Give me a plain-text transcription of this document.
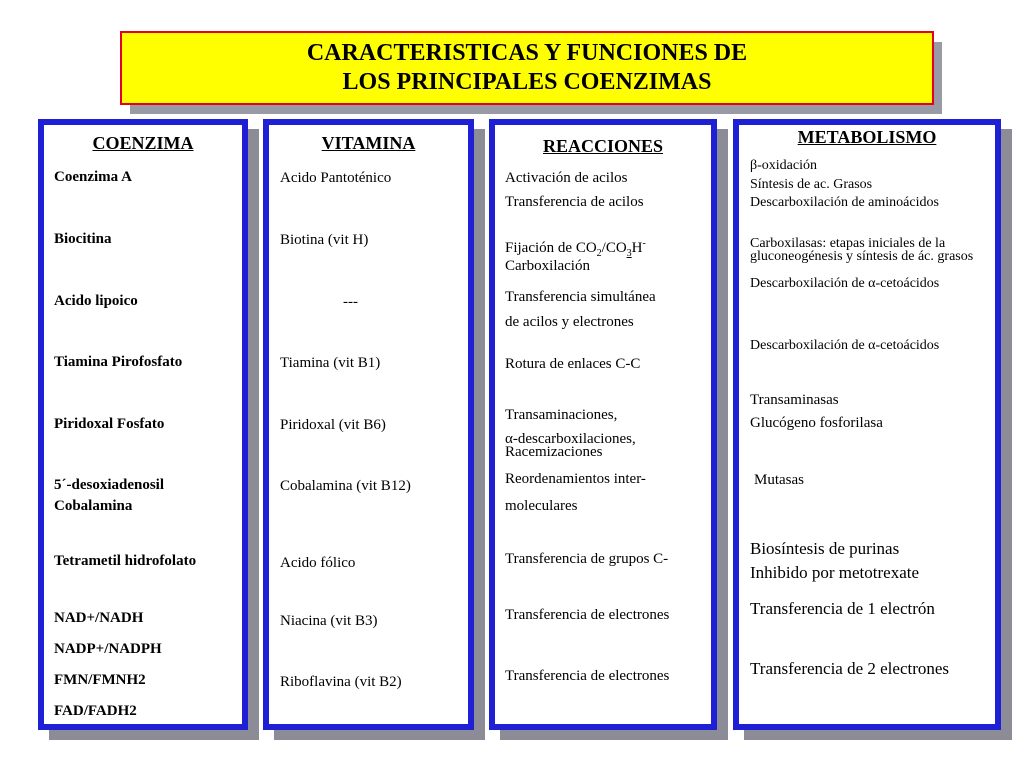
CARACTERISTICAS Y FUNCIONES DE
LOS PRINCIPALES COENZIMAS
COENZIMA
Coenzima A
Biocitina
Acido lipoico
Tiamina Pirofosfato
Piridoxal Fosfato
5´-desoxiadenosil
Cobalamina
Tetrametil hidrofolato
NAD+/NADH
NADP+/NADPH
FMN/FMNH2
FAD/FADH2
VITAMINA
Acido Pantoténico
Biotina (vit H)
---
Tiamina (vit B1)
Piridoxal (vit B6)
Cobalamina (vit B12)
Acido fólico
Niacina (vit B3)
Riboflavina (vit B2)
REACCIONES
Activación de acilos
Transferencia de acilos
Fijación de $CO_2/CO_3H^-$
Carboxilación
Transferencia simultánea
de acilos y electrones
Rotura de enlaces C-C
Transaminaciones,
α-descarboxilaciones,
Racemizaciones
Reordenamientos inter-
moleculares
Transferencia de grupos C-
Transferencia de electrones
Transferencia de electrones
METABOLISMO
β-oxidación
Síntesis de ac. Grasos
Descarboxilación de aminoácidos
Carboxilasas: etapas iniciales de la
gluconeogénesis y síntesis de ác. grasos
Descarboxilación de α-cetoácidos
Descarboxilación de α-cetoácidos
Transaminasas
Glucógeno fosforilasa
Mutasas
Biosíntesis de purinas
Inhibido por metotrexate
Transferencia de 1 electrón
Transferencia de 2 electrones
